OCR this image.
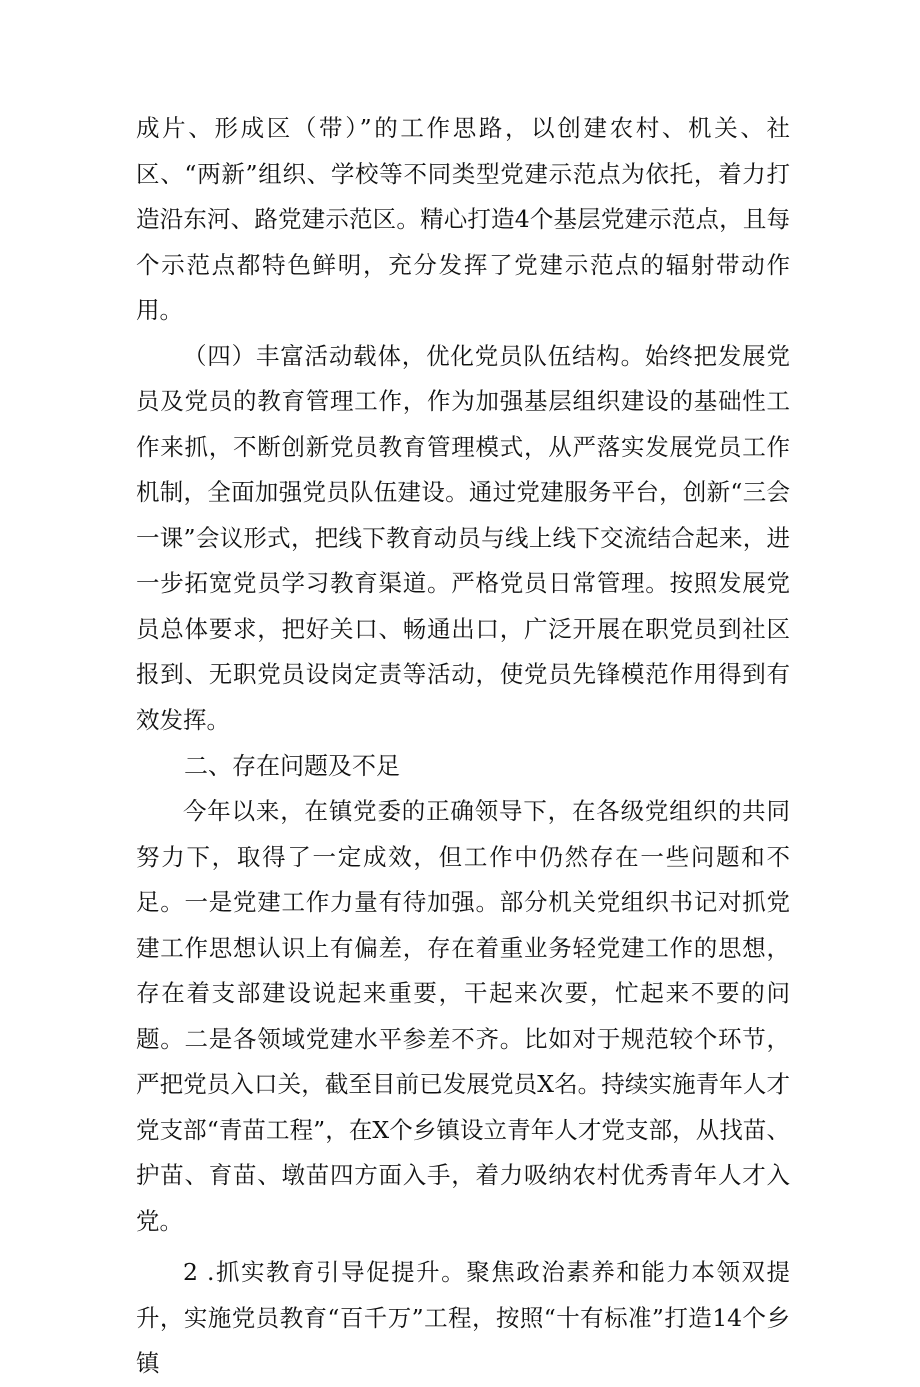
成片、形成区（带）”的工作思路，以创建农村、机关、社区、“两新”组织、学校等不同类型党建示范点为依托，着力打造沿东河、路党建示范区。精心打造4个基层党建示范点，且每个示范点都特色鲜明，充分发挥了党建示范点的辐射带动作用。

（四）丰富活动载体，优化党员队伍结构。始终把发展党员及党员的教育管理工作，作为加强基层组织建设的基础性工作来抓，不断创新党员教育管理模式，从严落实发展党员工作机制，全面加强党员队伍建设。通过党建服务平台，创新“三会一课”会议形式，把线下教育动员与线上线下交流结合起来，进一步拓宽党员学习教育渠道。严格党员日常管理。按照发展党员总体要求，把好关口、畅通出口，广泛开展在职党员到社区报到、无职党员设岗定责等活动，使党员先锋模范作用得到有效发挥。

二、存在问题及不足

今年以来，在镇党委的正确领导下，在各级党组织的共同努力下，取得了一定成效，但工作中仍然存在一些问题和不足。一是党建工作力量有待加强。部分机关党组织书记对抓党建工作思想认识上有偏差，存在着重业务轻党建工作的思想，存在着支部建设说起来重要，干起来次要，忙起来不要的问题。二是各领域党建水平参差不齐。比如对于规范较个环节，严把党员入口关，截至目前已发展党员X名。持续实施青年人才党支部“青苗工程”，在X个乡镇设立青年人才党支部，从找苗、护苗、育苗、墩苗四方面入手，着力吸纳农村优秀青年人才入党。

2 .抓实教育引导促提升。聚焦政治素养和能力本领双提升，实施党员教育“百千万”工程，按照“十有标准”打造14个乡镇
